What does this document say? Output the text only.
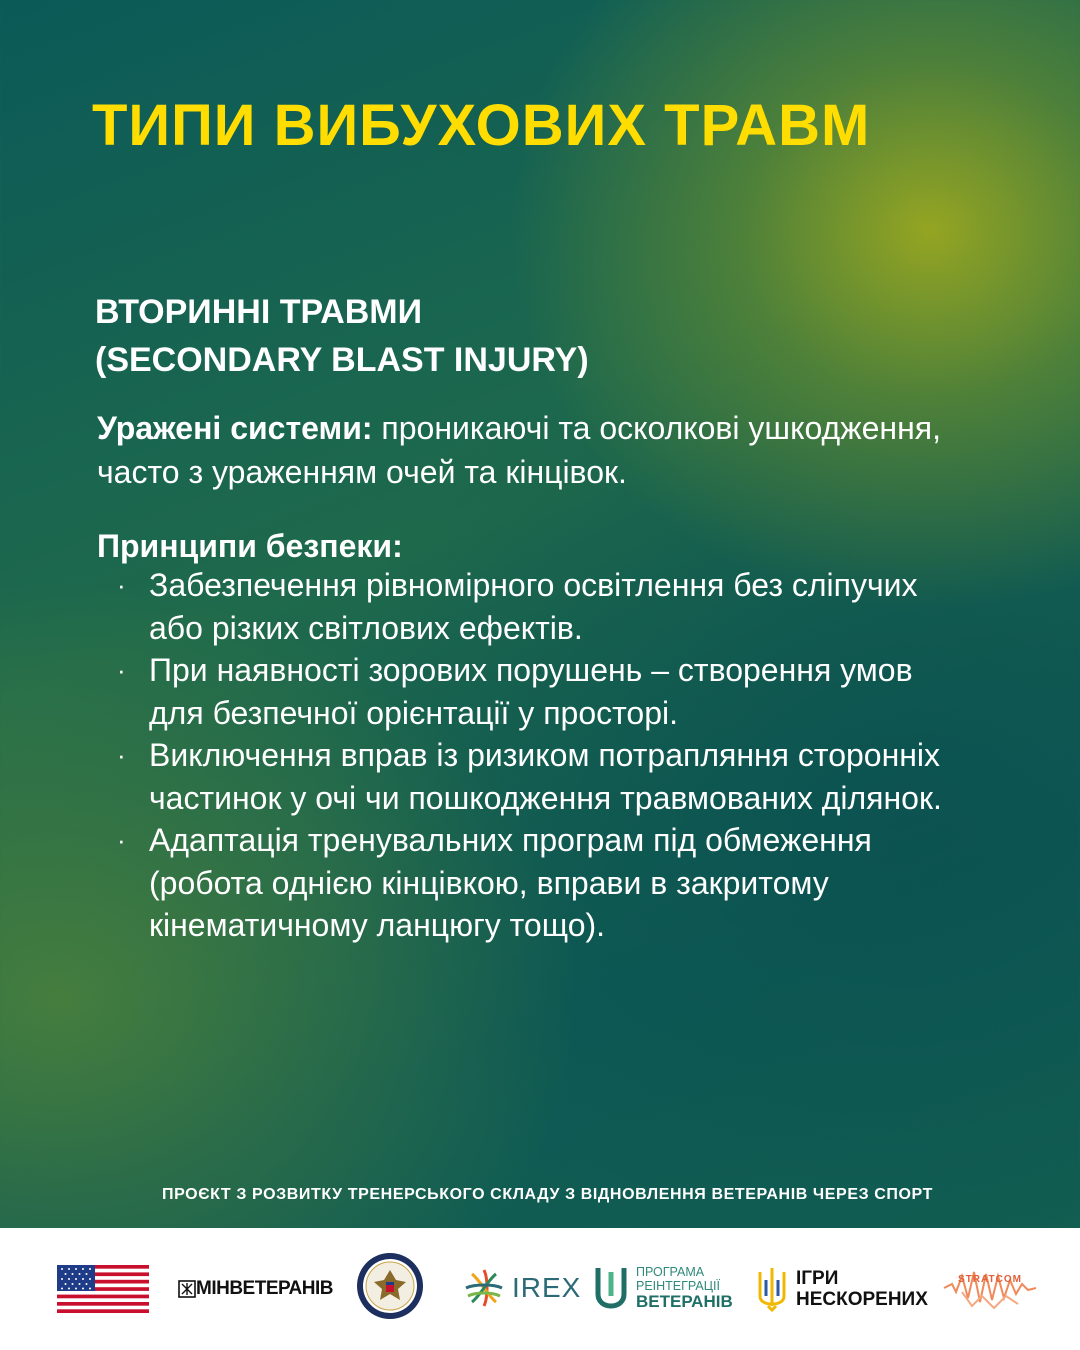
ТИПИ ВИБУХОВИХ ТРАВМ
ВТОРИННІ ТРАВМИ
(SECONDARY BLAST INJURY)

Уражені системи: проникаючі та осколкові ушкодження, часто з ураженням очей та кінцівок.

Принципи безпеки:
· Забезпечення рівномірного освітлення без сліпучих або різких світлових ефектів.
· При наявності зорових порушень – створення умов для безпечної орієнтації у просторі.
· Виключення вправ із ризиком потрапляння сторонніх частинок у очі чи пошкодження травмованих ділянок.
· Адаптація тренувальних програм під обмеження (робота однією кінцівкою, вправи в закритому кінематичному ланцюгу тощо).

ПРОЄКТ З РОЗВИТКУ ТРЕНЕРСЬКОГО СКЛАДУ З ВІДНОВЛЕННЯ ВЕТЕРАНІВ ЧЕРЕЗ СПОРТ

МІНВЕТЕРАНІВ	IREX	ПРОГРАМА
РЕІНТЕГРАЦІЇ
ВЕТЕРАНІВ
ІГРИ
НЕСКОРЕНИХ
STRATCOM
